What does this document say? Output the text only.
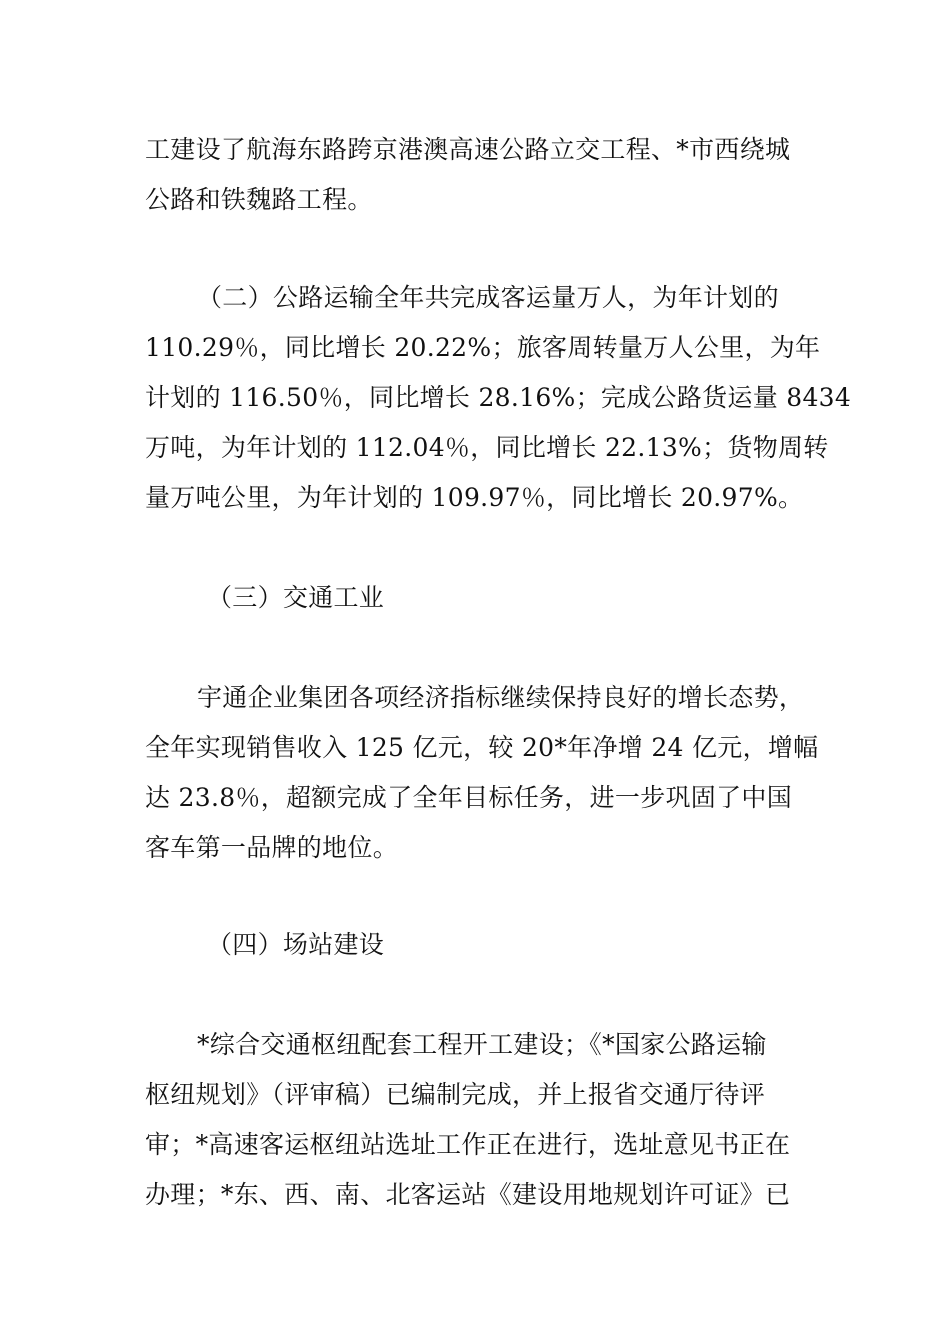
工建设了航海东路跨京港澳高速公路立交工程、*市西绕城
公路和铁魏路工程。
（二）公路运输全年共完成客运量万人，为年计划的
110.29％，同比增长 20.22%；旅客周转量万人公里，为年
计划的 116.50％，同比增长 28.16%；完成公路货运量 8434
万吨，为年计划的 112.04％，同比增长 22.13%；货物周转
量万吨公里，为年计划的 109.97％，同比增长 20.97%。
（三）交通工业
宇通企业集团各项经济指标继续保持良好的增长态势，
全年实现销售收入 125 亿元，较 20*年净增 24 亿元，增幅
达 23.8％，超额完成了全年目标任务，进一步巩固了中国
客车第一品牌的地位。
（四）场站建设
*综合交通枢纽配套工程开工建设；《*国家公路运输
枢纽规划》（评审稿）已编制完成，并上报省交通厅待评
审；*高速客运枢纽站选址工作正在进行，选址意见书正在
办理；*东、西、南、北客运站《建设用地规划许可证》已
